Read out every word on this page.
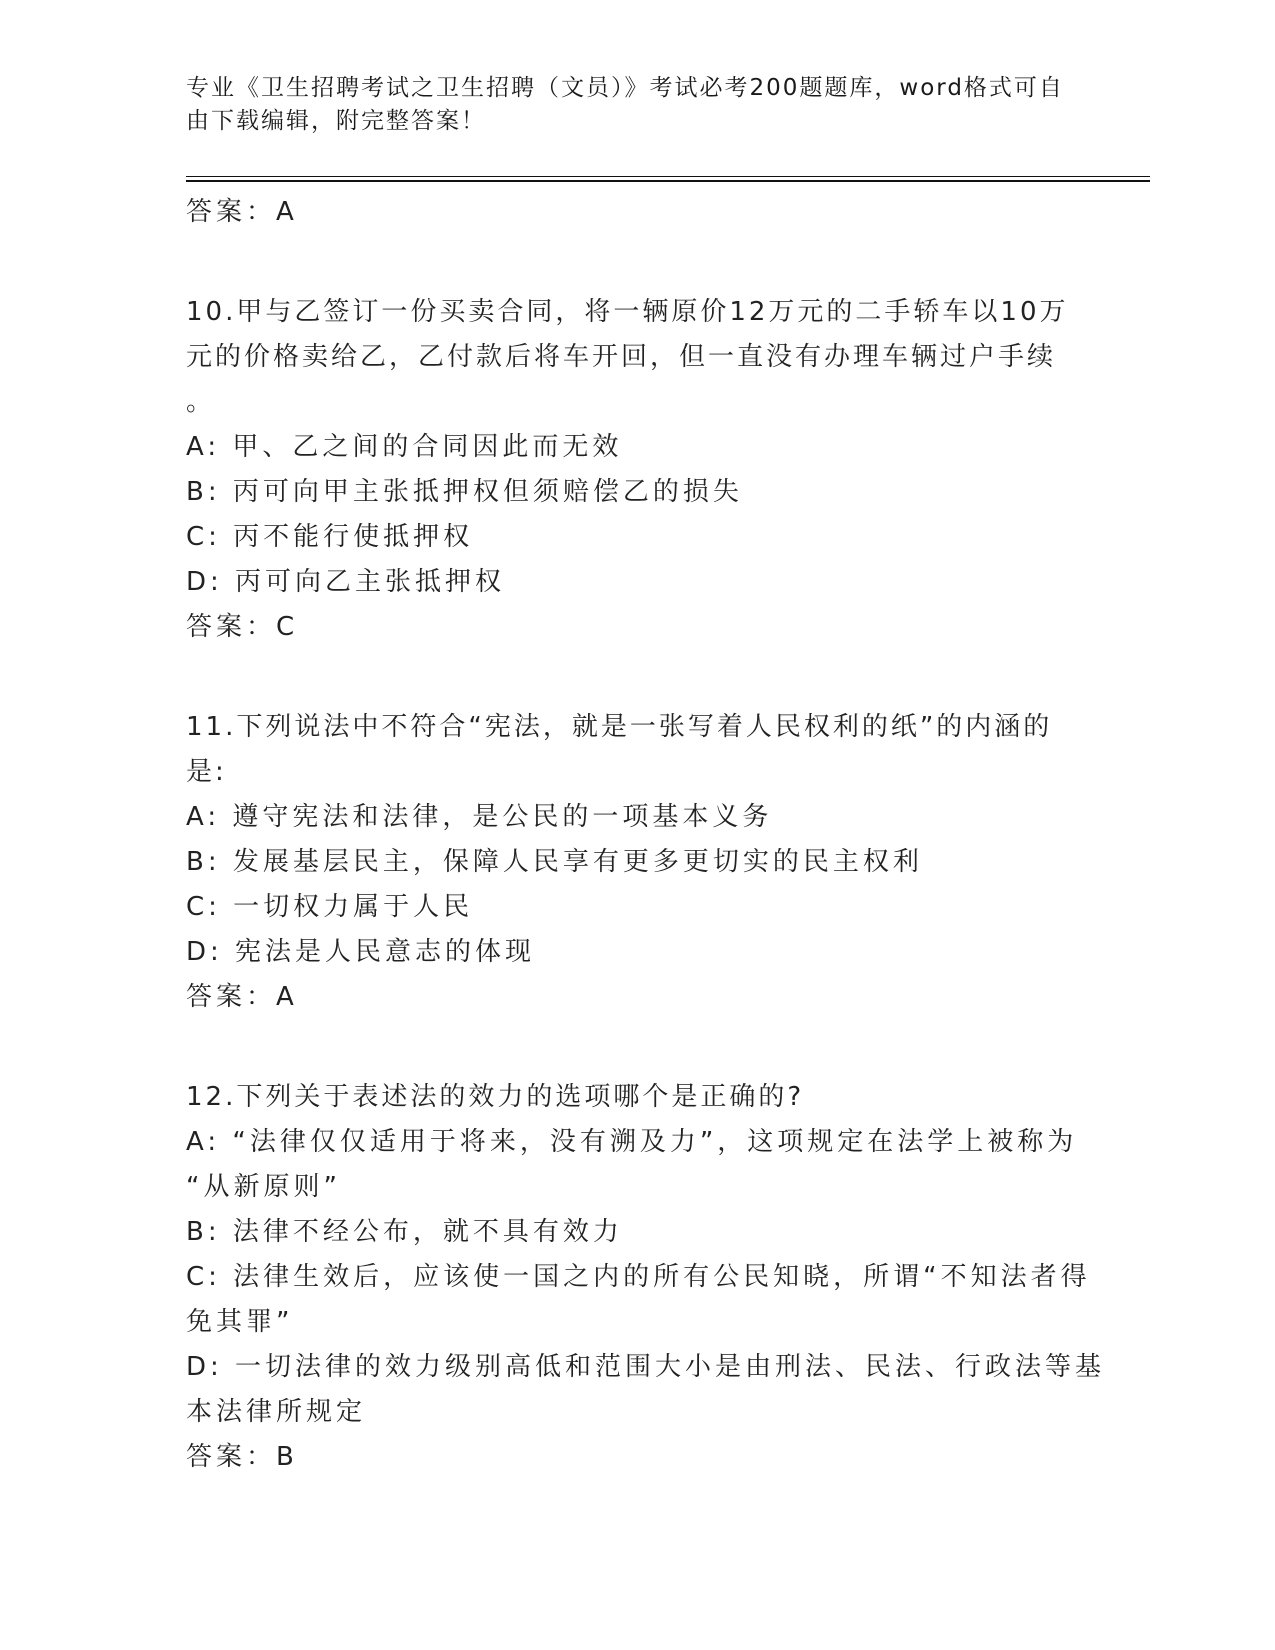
专业《卫生招聘考试之卫生招聘（文员）》考试必考200题题库，word格式可自
由下载编辑，附完整答案！
答案：A
10.甲与乙签订一份买卖合同，将一辆原价12万元的二手轿车以10万
元的价格卖给乙，乙付款后将车开回，但一直没有办理车辆过户手续
。
A: 甲、乙之间的合同因此而无效
B: 丙可向甲主张抵押权但须赔偿乙的损失
C: 丙不能行使抵押权
D: 丙可向乙主张抵押权
答案：C
11.下列说法中不符合“宪法，就是一张写着人民权利的纸”的内涵的
是:
A: 遵守宪法和法律，是公民的一项基本义务
B: 发展基层民主，保障人民享有更多更切实的民主权利
C: 一切权力属于人民
D: 宪法是人民意志的体现
答案：A
12.下列关于表述法的效力的选项哪个是正确的?
A: “法律仅仅适用于将来，没有溯及力”，这项规定在法学上被称为
“从新原则”
B: 法律不经公布，就不具有效力
C: 法律生效后，应该使一国之内的所有公民知晓，所谓“不知法者得
免其罪”
D: 一切法律的效力级别高低和范围大小是由刑法、民法、行政法等基
本法律所规定
答案：B
